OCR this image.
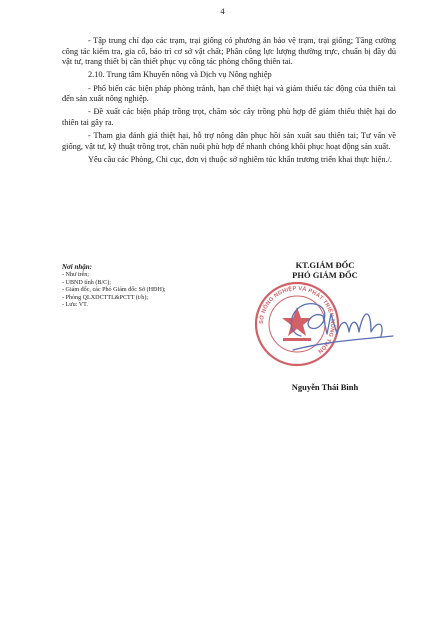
4

- Tập trung chỉ đạo các trạm, trại giống có phương án bảo vệ trạm, trại giống; Tăng cường công tác kiểm tra, gia cố, bảo trì cơ sở vật chất; Phân công lực lượng thường trực, chuẩn bị đầy đủ vật tư, trang thiết bị cần thiết phục vụ công tác phòng chống thiên tai.

2.10. Trung tâm Khuyến nông và Dịch vụ Nông nghiệp

- Phổ biến các biện pháp phòng tránh, hạn chế thiệt hại và giảm thiểu tác động của thiên tai đến sản xuất nông nghiệp.

- Đề xuất các biện pháp trồng trọt, chăm sóc cây trồng phù hợp để giảm thiểu thiệt hại do thiên tai gây ra.

- Tham gia đánh giá thiệt hại, hỗ trợ nông dân phục hồi sản xuất sau thiên tai; Tư vấn về giống, vật tư, kỹ thuật trồng trọt, chăn nuôi phù hợp để nhanh chóng khôi phục hoạt động sản xuất.

Yêu cầu các Phòng, Chi cục, đơn vị thuộc sở nghiêm túc khẩn trương triển khai thực hiện./.

Nơi nhận:
- Như trên;
- UBND tỉnh (B/C);
- Giám đốc, các Phó Giám đốc Sở (HĐH);
- Phòng QLXDCTTL&PCTT (t/h);
- Lưu: VT.
KT.GIÁM ĐỐC
PHÓ GIÁM ĐỐC
SỞ NÔNG NGHIỆP VÀ PHÁT TRIỂN NÔNG THÔN
Nguyễn Thái Bình
